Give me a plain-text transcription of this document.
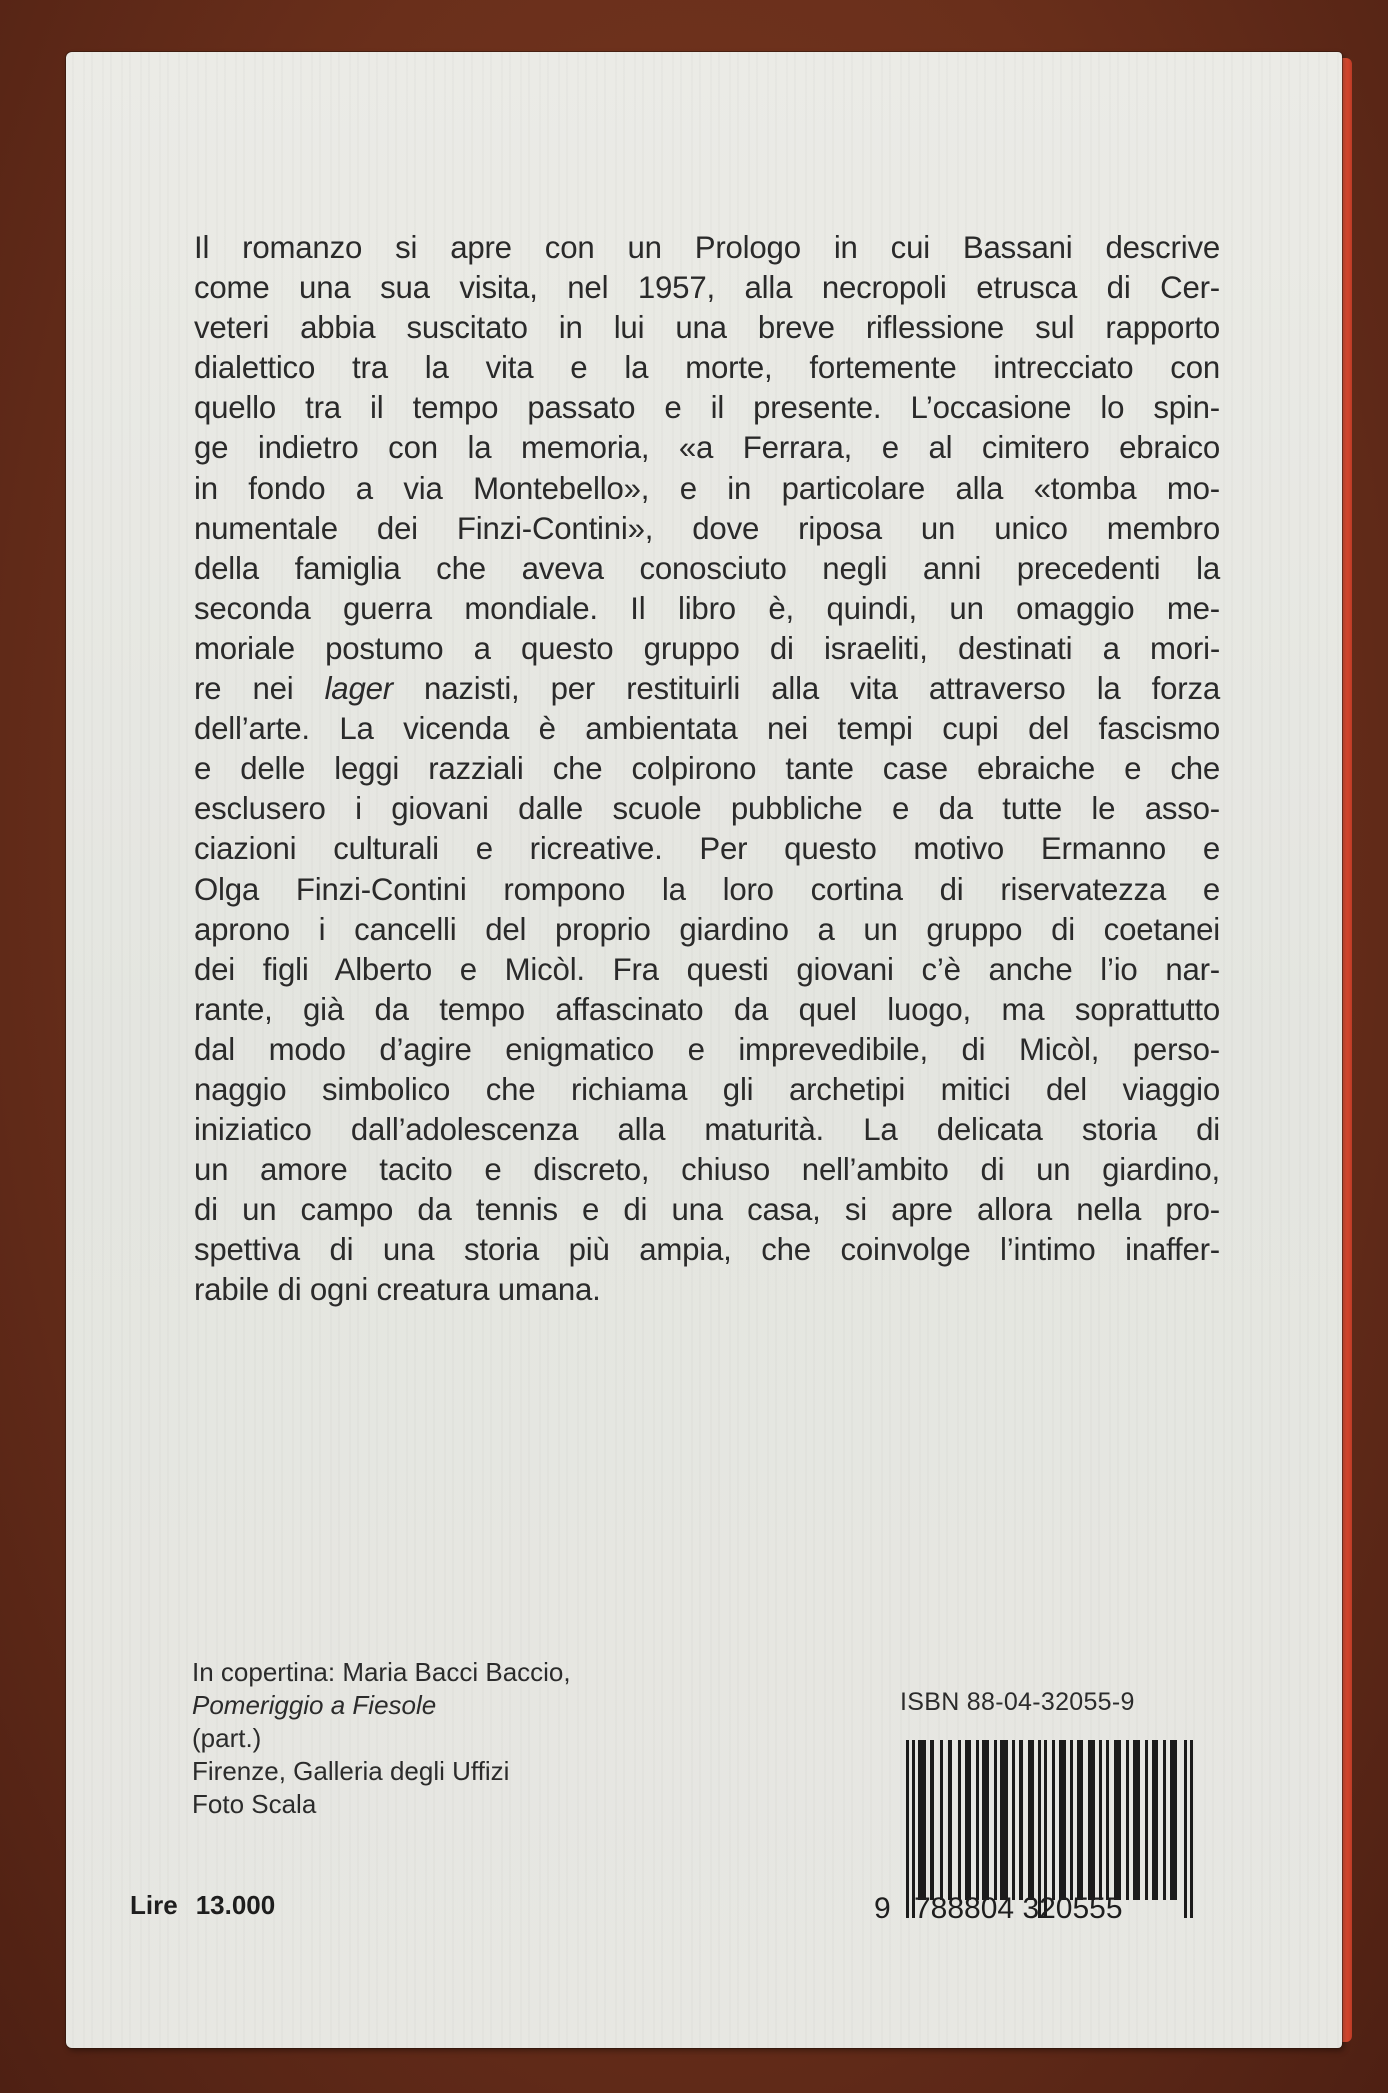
Il romanzo si apre con un Prologo in cui Bassani descrive
come una sua visita, nel 1957, alla necropoli etrusca di Cer-
veteri abbia suscitato in lui una breve riflessione sul rapporto
dialettico tra la vita e la morte, fortemente intrecciato con
quello tra il tempo passato e il presente. L’occasione lo spin-
ge indietro con la memoria, «a Ferrara, e al cimitero ebraico
in fondo a via Montebello», e in particolare alla «tomba mo-
numentale dei Finzi-Contini», dove riposa un unico membro
della famiglia che aveva conosciuto negli anni precedenti la
seconda guerra mondiale. Il libro è, quindi, un omaggio me-
moriale postumo a questo gruppo di israeliti, destinati a mori-
re nei lager nazisti, per restituirli alla vita attraverso la forza
dell’arte. La vicenda è ambientata nei tempi cupi del fascismo
e delle leggi razziali che colpirono tante case ebraiche e che
esclusero i giovani dalle scuole pubbliche e da tutte le asso-
ciazioni culturali e ricreative. Per questo motivo Ermanno e
Olga Finzi-Contini rompono la loro cortina di riservatezza e
aprono i cancelli del proprio giardino a un gruppo di coetanei
dei figli Alberto e Micòl. Fra questi giovani c’è anche l’io nar-
rante, già da tempo affascinato da quel luogo, ma soprattutto
dal modo d’agire enigmatico e imprevedibile, di Micòl, perso-
naggio simbolico che richiama gli archetipi mitici del viaggio
iniziatico dall’adolescenza alla maturità. La delicata storia di
un amore tacito e discreto, chiuso nell’ambito di un giardino,
di un campo da tennis e di una casa, si apre allora nella pro-
spettiva di una storia più ampia, che coinvolge l’intimo inaffer-
rabile di ogni creatura umana.
In copertina: Maria Bacci Baccio,
Pomeriggio a Fiesole
(part.)
Firenze, Galleria degli Uffizi
Foto Scala
Lire 13.000
ISBN 88-04-32055-9
9 788804 320555
